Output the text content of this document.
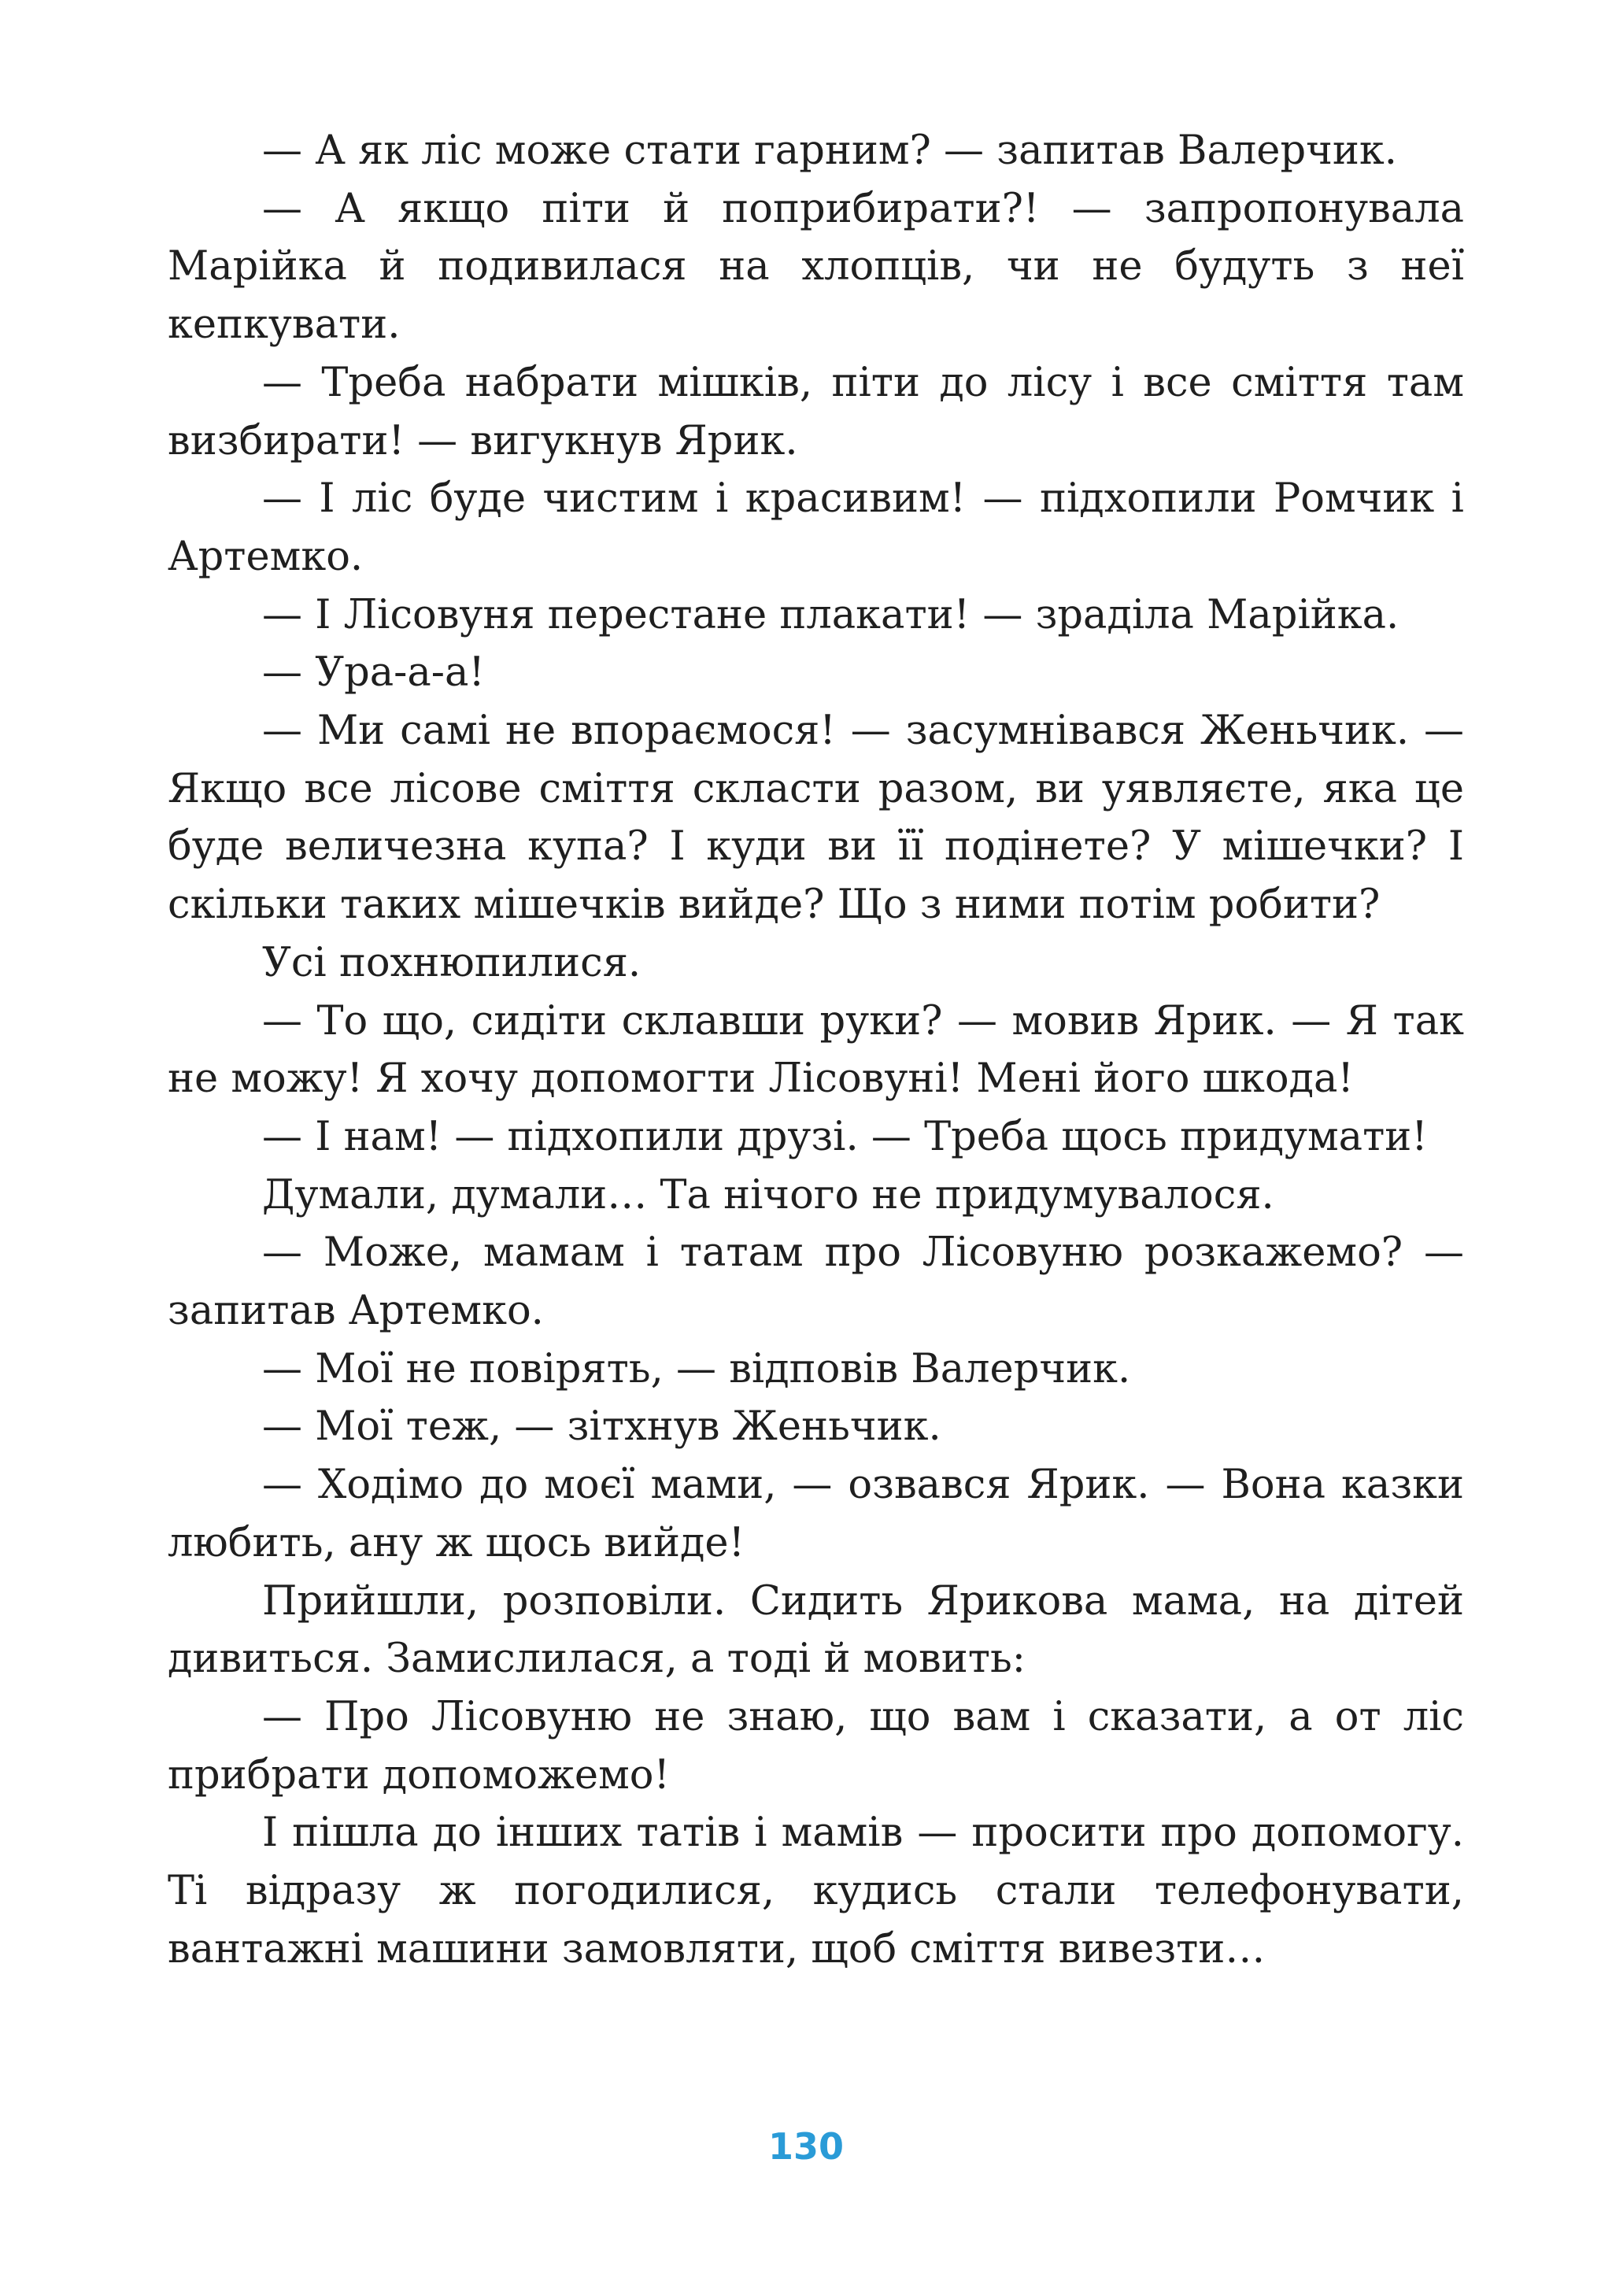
— А як ліс може стати гарним? — запитав Валерчик.

— А якщо піти й поприбирати?! — запропонувала Марійка й подивилася на хлопців, чи не будуть з неї кепкувати.

— Треба набрати мішків, піти до лісу і все сміття там визбирати! — вигукнув Ярик.

— І ліс буде чистим і красивим! — підхопили Ромчик і Артемко.

— І Лісовуня перестане плакати! — зраділа Марійка.

— Ура-а-а!

— Ми самі не впораємося! — засумнівався Женьчик. — Якщо все лісове сміття скласти разом, ви уявляєте, яка це буде величезна купа? І куди ви її подінете? У мішечки? І скільки таких мішечків вийде? Що з ними потім робити?

Усі похнюпилися.

— То що, сидіти склавши руки? — мовив Ярик. — Я так не можу! Я хочу допомогти Лісовуні! Мені його шкода!

— І нам! — підхопили друзі. — Треба щось придумати!

Думали, думали… Та нічого не придумувалося.

— Може, мамам і татам про Лісовуню розкажемо? — запитав Артемко.

— Мої не повірять, — відповів Валерчик.

— Мої теж, — зітхнув Женьчик.

— Ходімо до моєї мами, — озвався Ярик. — Вона казки любить, ану ж щось вийде!

Прийшли, розповіли. Сидить Ярикова мама, на дітей дивиться. Замислилася, а тоді й мовить:

— Про Лісовуню не знаю, що вам і сказати, а от ліс прибрати допоможемо!

І пішла до інших татів і мамів — просити про допомогу. Ті відразу ж погодилися, кудись стали телефонувати, вантажні машини замовляти, щоб сміття вивезти…

130
